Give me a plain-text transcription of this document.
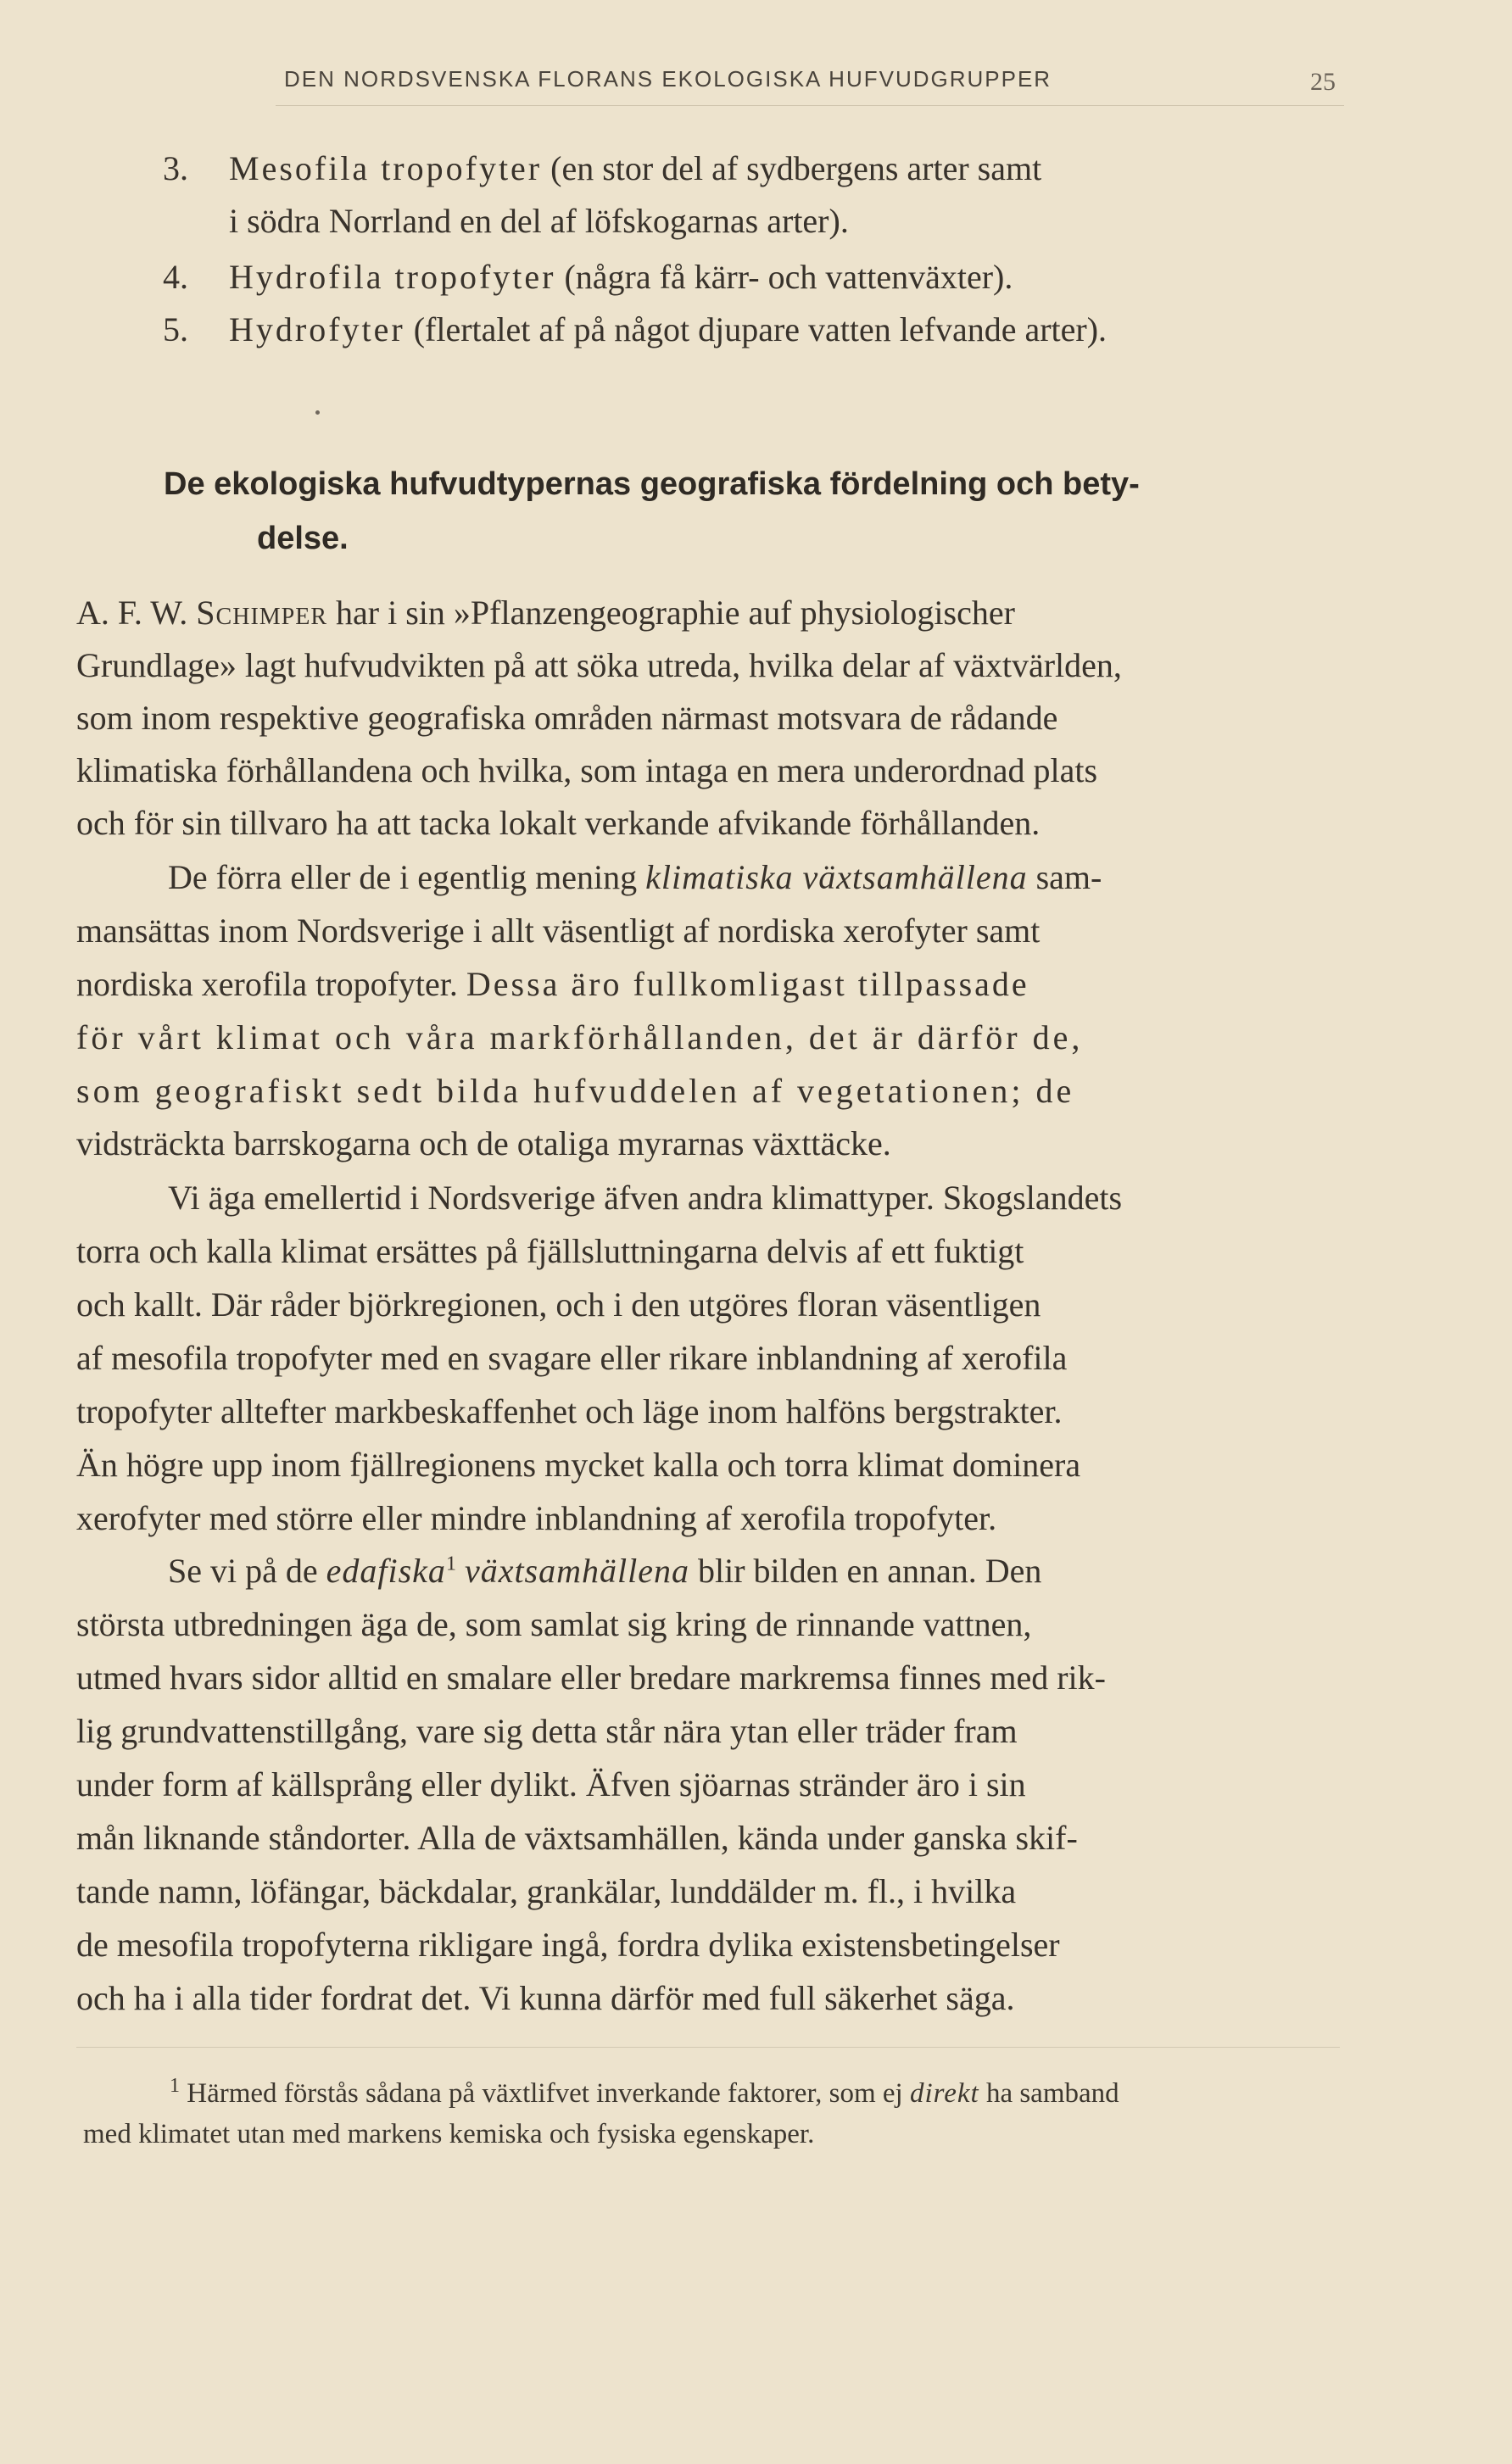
DEN NORDSVENSKA FLORANS EKOLOGISKA HUFVUDGRUPPER	25
3. Mesofila tropofyter (en stor del af sydbergens arter samt
i södra Norrland en del af löfskogarnas arter).
4. Hydrofila tropofyter (några få kärr- och vattenväxter).
5. Hydrofyter (flertalet af på något djupare vatten lefvande arter).
De ekologiska hufvudtypernas geografiska fördelning och bety-
delse.
A. F. W. Schimper har i sin »Pflanzengeographie auf physiologischer
Grundlage» lagt hufvudvikten på att söka utreda, hvilka delar af växtvärlden,
som inom respektive geografiska områden närmast motsvara de rådande
klimatiska förhållandena och hvilka, som intaga en mera underordnad plats
och för sin tillvaro ha att tacka lokalt verkande afvikande förhållanden.
De förra eller de i egentlig mening klimatiska växtsamhällena sam-
mansättas inom Nordsverige i allt väsentligt af nordiska xerofyter samt
nordiska xerofila tropofyter. Dessa äro fullkomligast tillpassade
för vårt klimat och våra markförhållanden, det är därför de,
som geografiskt sedt bilda hufvuddelen af vegetationen; de
vidsträckta barrskogarna och de otaliga myrarnas växttäcke.
Vi äga emellertid i Nordsverige äfven andra klimattyper. Skogslandets
torra och kalla klimat ersättes på fjällsluttningarna delvis af ett fuktigt
och kallt. Där råder björkregionen, och i den utgöres floran väsentligen
af mesofila tropofyter med en svagare eller rikare inblandning af xerofila
tropofyter alltefter markbeskaffenhet och läge inom halföns bergstrakter.
Än högre upp inom fjällregionens mycket kalla och torra klimat dominera
xerofyter med större eller mindre inblandning af xerofila tropofyter.
Se vi på de edafiska$^1$ växtsamhällena blir bilden en annan. Den
största utbredningen äga de, som samlat sig kring de rinnande vattnen,
utmed hvars sidor alltid en smalare eller bredare markremsa finnes med rik-
lig grundvattenstillgång, vare sig detta står nära ytan eller träder fram
under form af källsprång eller dylikt. Äfven sjöarnas stränder äro i sin
mån liknande ståndorter. Alla de växtsamhällen, kända under ganska skif-
tande namn, löfängar, bäckdalar, grankälar, lunddälder m. fl., i hvilka
de mesofila tropofyterna rikligare ingå, fordra dylika existensbetingelser
och ha i alla tider fordrat det. Vi kunna därför med full säkerhet säga.
$^1$ Härmed förstås sådana på växtlifvet inverkande faktorer, som ej direkt ha samband
med klimatet utan med markens kemiska och fysiska egenskaper.
